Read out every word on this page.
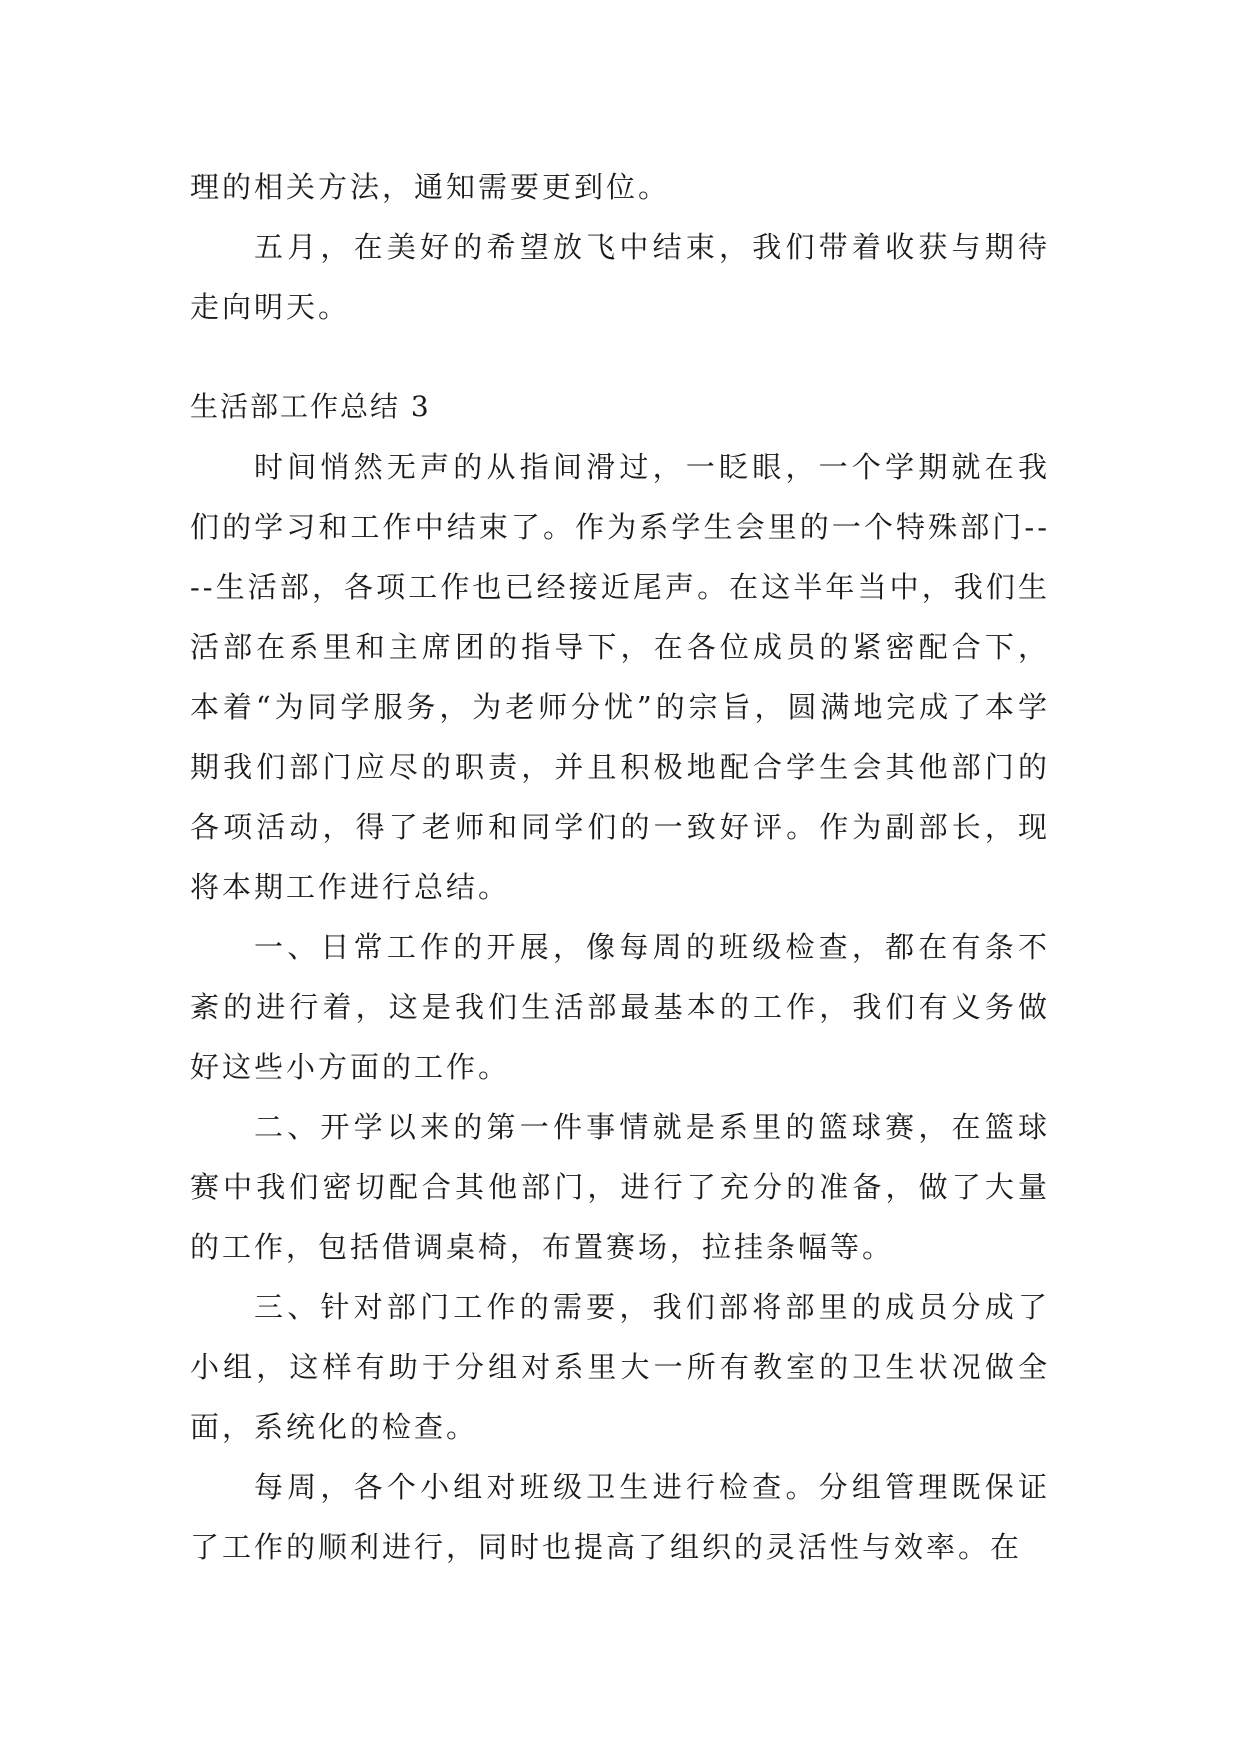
理的相关方法，通知需要更到位。

五月，在美好的希望放飞中结束，我们带着收获与期待走向明天。

生活部工作总结 3

时间悄然无声的从指间滑过，一眨眼，一个学期就在我们的学习和工作中结束了。作为系学生会里的一个特殊部门----生活部，各项工作也已经接近尾声。在这半年当中，我们生活部在系里和主席团的指导下，在各位成员的紧密配合下，本着“为同学服务，为老师分忧”的宗旨，圆满地完成了本学期我们部门应尽的职责，并且积极地配合学生会其他部门的各项活动，得了老师和同学们的一致好评。作为副部长，现将本期工作进行总结。

一、日常工作的开展，像每周的班级检查，都在有条不紊的进行着，这是我们生活部最基本的工作，我们有义务做好这些小方面的工作。

二、开学以来的第一件事情就是系里的篮球赛，在篮球赛中我们密切配合其他部门，进行了充分的准备，做了大量的工作，包括借调桌椅，布置赛场，拉挂条幅等。

三、针对部门工作的需要，我们部将部里的成员分成了小组，这样有助于分组对系里大一所有教室的卫生状况做全面，系统化的检查。

每周，各个小组对班级卫生进行检查。分组管理既保证了工作的顺利进行，同时也提高了组织的灵活性与效率。在
